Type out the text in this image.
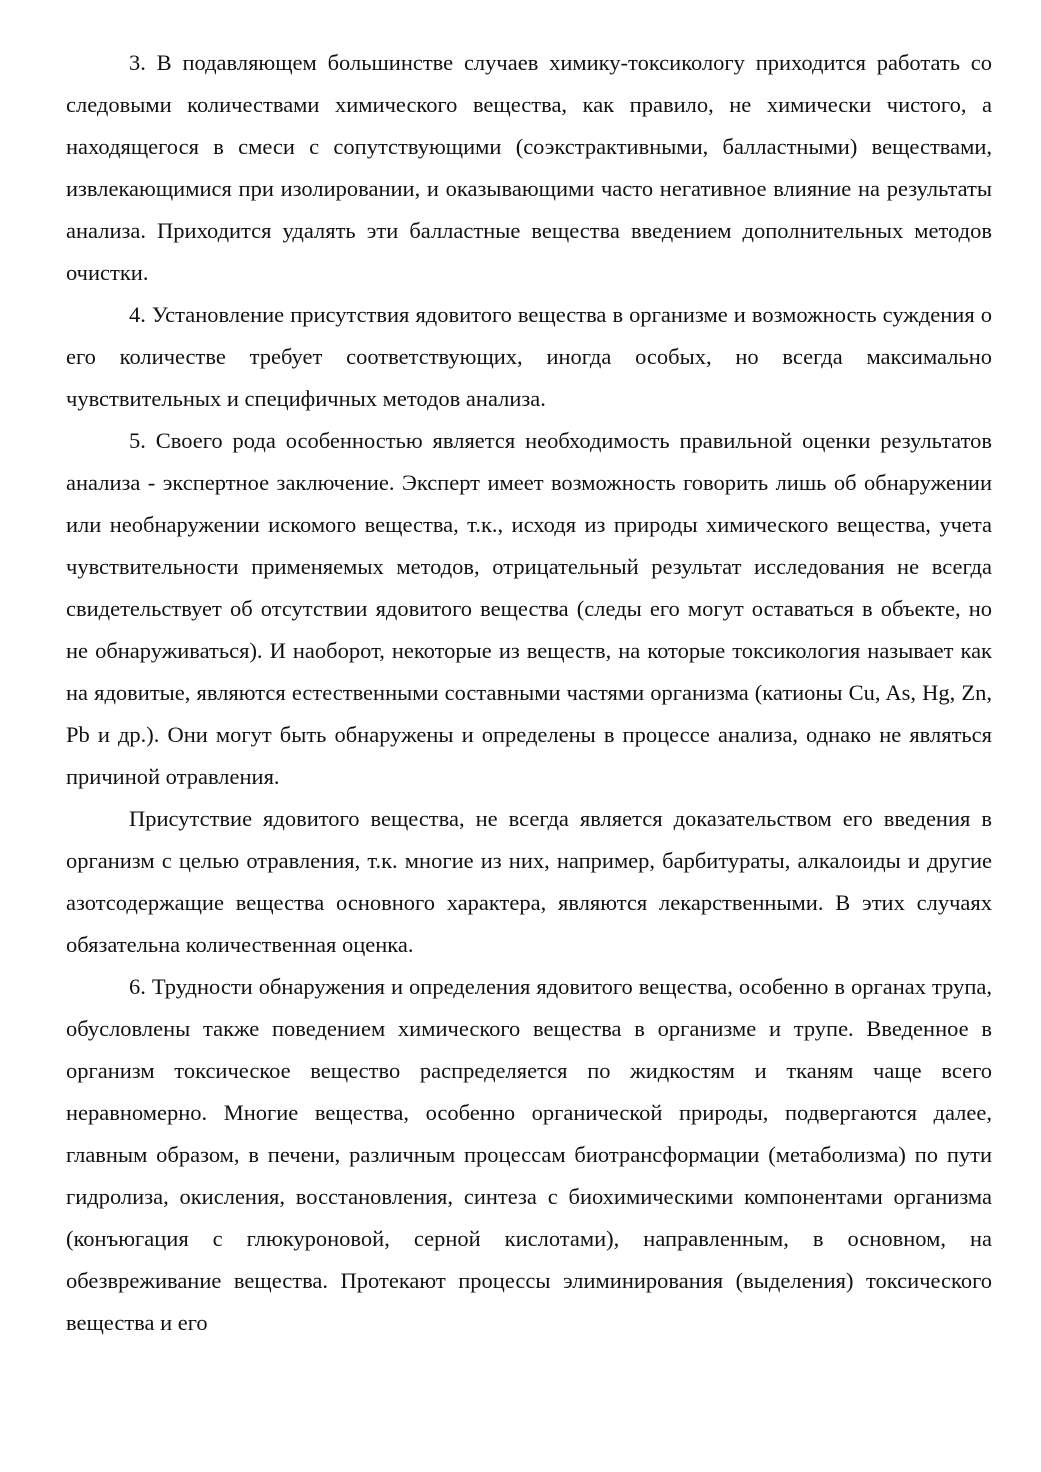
3. В подавляющем большинстве случаев химику-токсикологу приходится работать со следовыми количествами химического вещества, как правило, не химически чистого, а находящегося в смеси с сопутствующими (соэкстрактивными, балластными) веществами, извлекающимися при изолировании, и оказывающими часто негативное влияние на результаты анализа. Приходится удалять эти балластные вещества введением дополнительных методов очистки.

4. Установление присутствия ядовитого вещества в организме и возможность суждения о его количестве требует соответствующих, иногда особых, но всегда максимально чувствительных и специфичных методов анализа.

5. Своего рода особенностью является необходимость правильной оценки результатов анализа - экспертное заключение. Эксперт имеет возможность говорить лишь об обнаружении или необнаружении искомого вещества, т.к., исходя из природы химического вещества, учета чувствительности применяемых методов, отрицательный результат исследования не всегда свидетельствует об отсутствии ядовитого вещества (следы его могут оставаться в объекте, но не обнаруживаться). И наоборот, некоторые из веществ, на которые токсикология называет как на ядовитые, являются естественными составными частями организма (катионы Cu, As, Hg, Zn, Pb и др.). Они могут быть обнаружены и определены в процессе анализа, однако не являться причиной отравления.

Присутствие ядовитого вещества, не всегда является доказательством его введения в организм с целью отравления, т.к. многие из них, например, барбитураты, алкалоиды и другие азотсодержащие вещества основного характера, являются лекарственными. В этих случаях обязательна количественная оценка.

6. Трудности обнаружения и определения ядовитого вещества, особенно в органах трупа, обусловлены также поведением химического вещества в организме и трупе. Введенное в организм токсическое вещество распределяется по жидкостям и тканям чаще всего неравномерно. Многие вещества, особенно органической природы, подвергаются далее, главным образом, в печени, различным процессам биотрансформации (метаболизма) по пути гидролиза, окисления, восстановления, синтеза с биохимическими компонентами организма (конъюгация с глюкуроновой, серной кислотами), направленным, в основном, на обезвреживание вещества. Протекают процессы элиминирования (выделения) токсического вещества и его
